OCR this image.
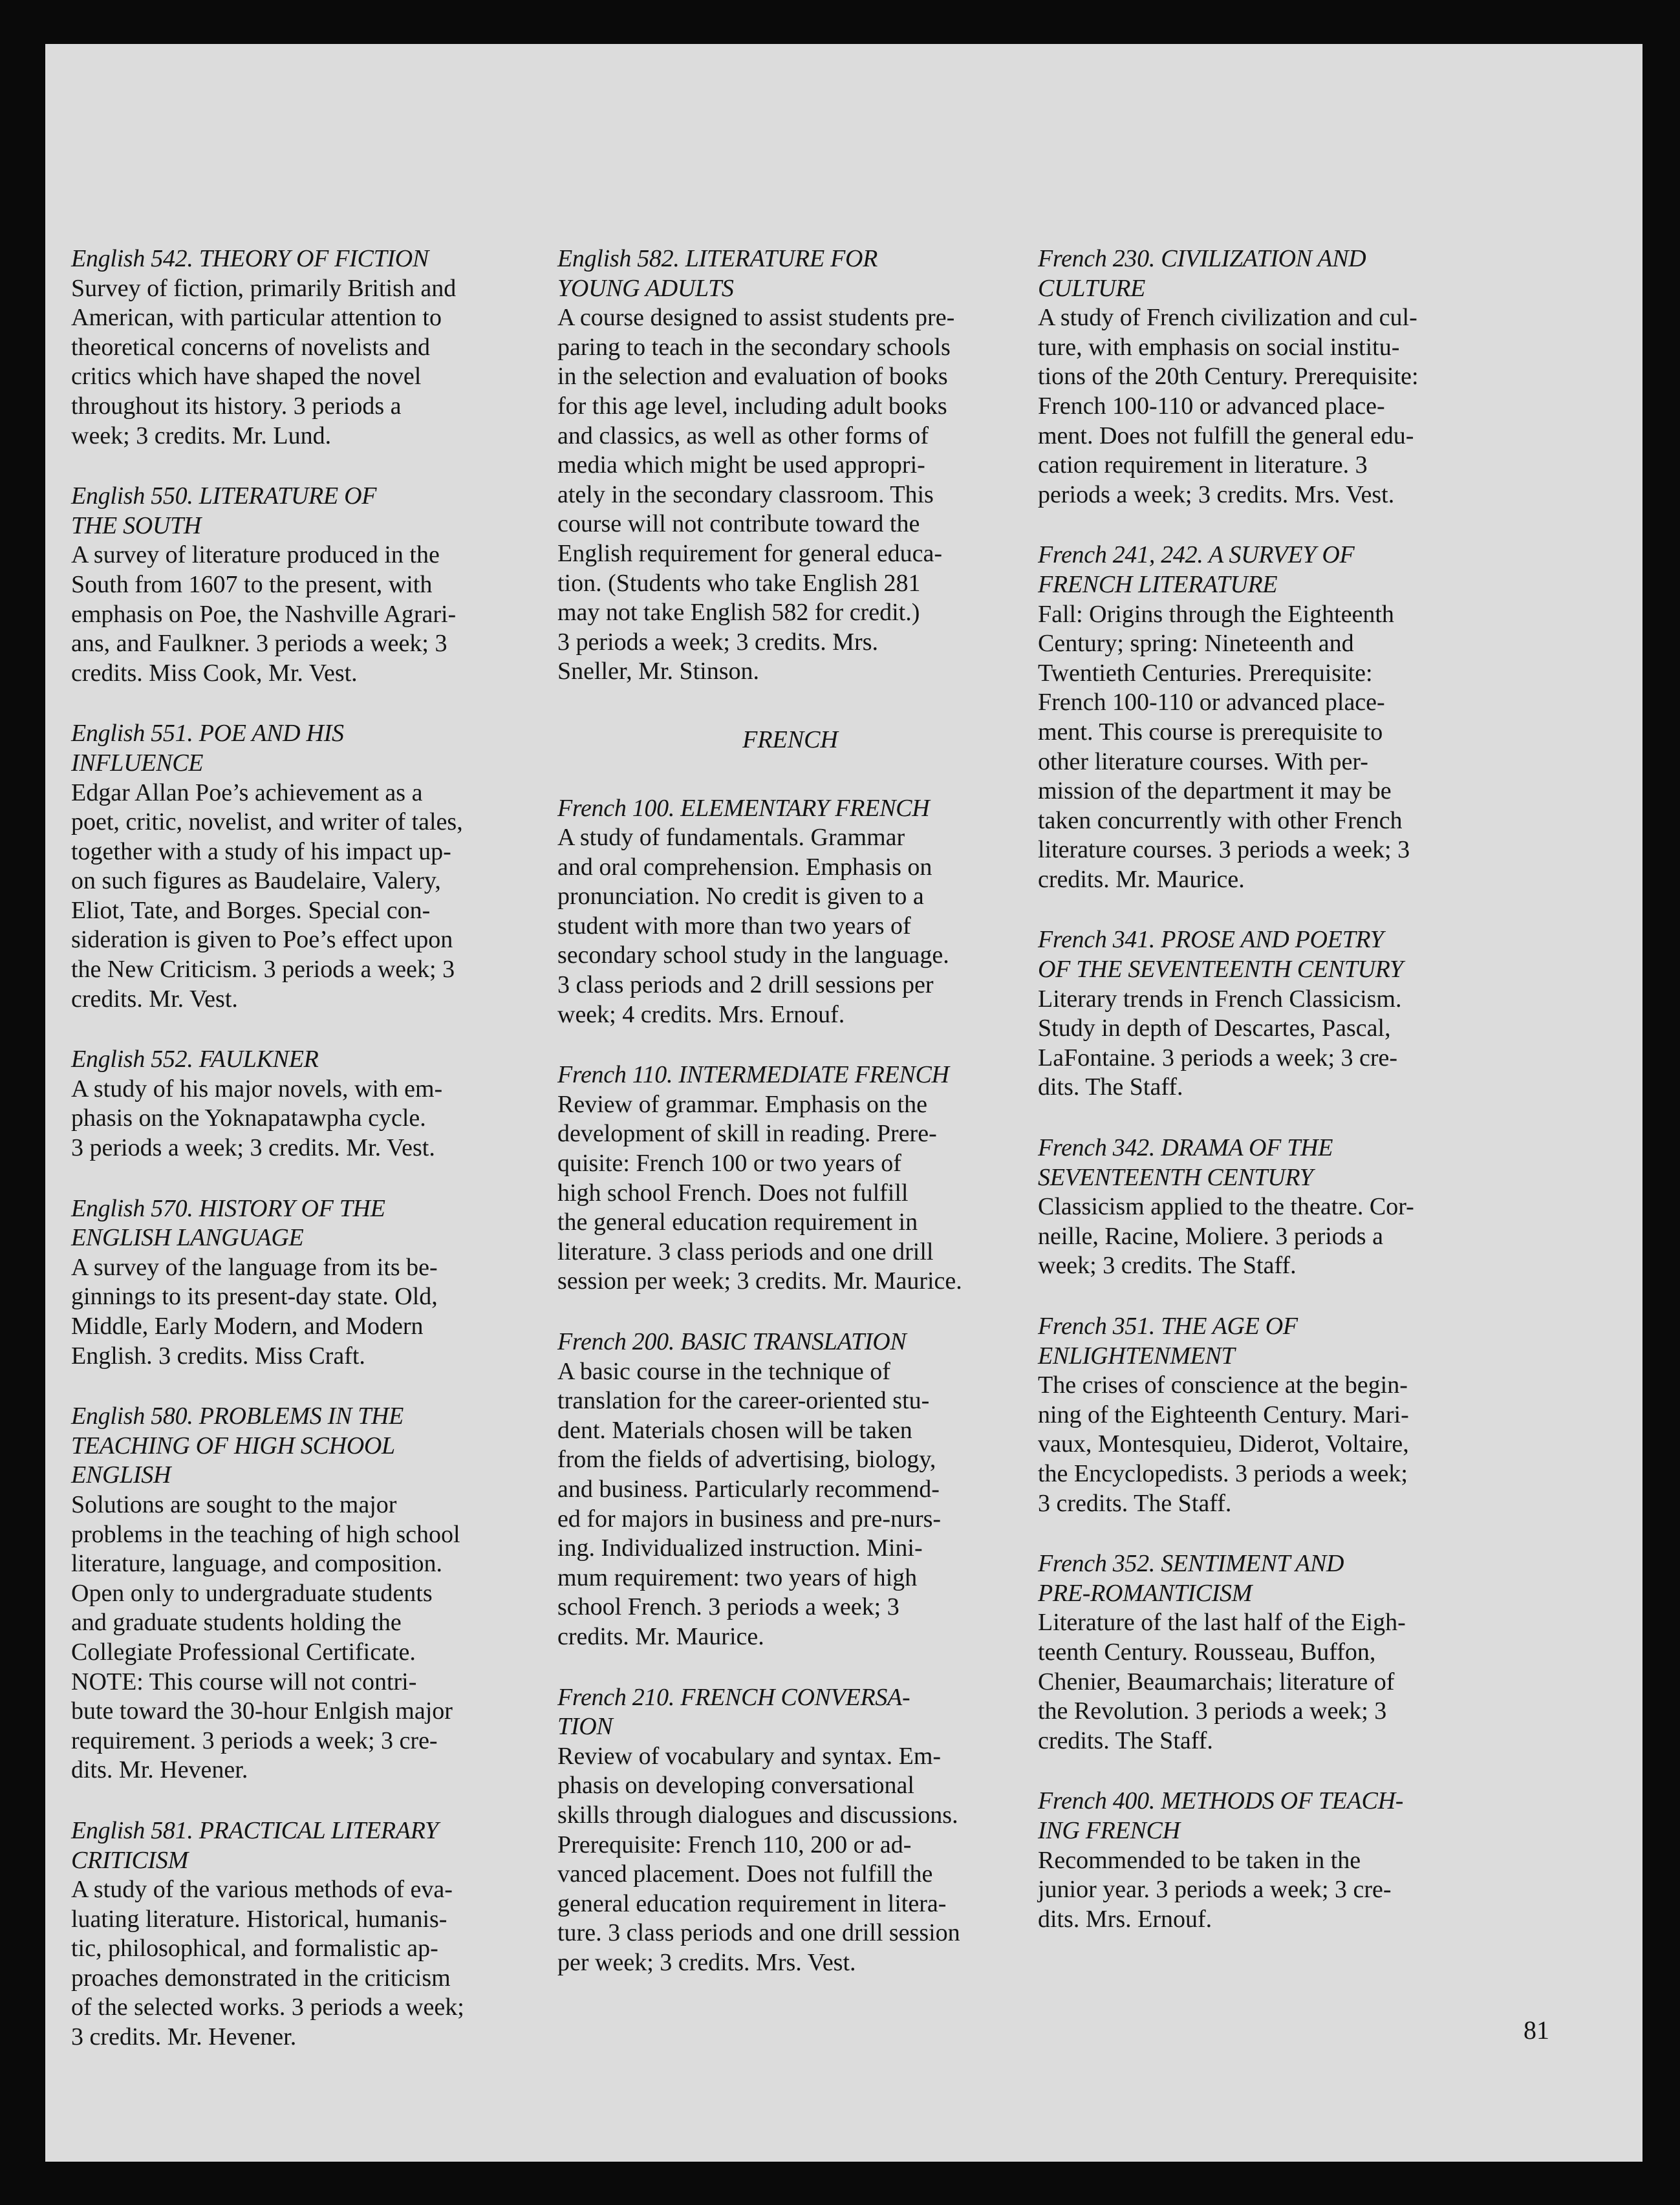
English 542. THEORY OF FICTION
Survey of fiction, primarily British and
American, with particular attention to
theoretical concerns of novelists and
critics which have shaped the novel
throughout its history. 3 periods a
week; 3 credits. Mr. Lund.
English 550. LITERATURE OF
THE SOUTH
A survey of literature produced in the
South from 1607 to the present, with
emphasis on Poe, the Nashville Agrari-
ans, and Faulkner. 3 periods a week; 3
credits. Miss Cook, Mr. Vest.
English 551. POE AND HIS
INFLUENCE
Edgar Allan Poe’s achievement as a
poet, critic, novelist, and writer of tales,
together with a study of his impact up-
on such figures as Baudelaire, Valery,
Eliot, Tate, and Borges. Special con-
sideration is given to Poe’s effect upon
the New Criticism. 3 periods a week; 3
credits. Mr. Vest.
English 552. FAULKNER
A study of his major novels, with em-
phasis on the Yoknapatawpha cycle.
3 periods a week; 3 credits. Mr. Vest.
English 570. HISTORY OF THE
ENGLISH LANGUAGE
A survey of the language from its be-
ginnings to its present-day state. Old,
Middle, Early Modern, and Modern
English. 3 credits. Miss Craft.
English 580. PROBLEMS IN THE
TEACHING OF HIGH SCHOOL
ENGLISH
Solutions are sought to the major
problems in the teaching of high school
literature, language, and composition.
Open only to undergraduate students
and graduate students holding the
Collegiate Professional Certificate.
NOTE: This course will not contri-
bute toward the 30-hour Enlgish major
requirement. 3 periods a week; 3 cre-
dits. Mr. Hevener.
English 581. PRACTICAL LITERARY
CRITICISM
A study of the various methods of eva-
luating literature. Historical, humanis-
tic, philosophical, and formalistic ap-
proaches demonstrated in the criticism
of the selected works. 3 periods a week;
3 credits. Mr. Hevener.
English 582. LITERATURE FOR
YOUNG ADULTS
A course designed to assist students pre-
paring to teach in the secondary schools
in the selection and evaluation of books
for this age level, including adult books
and classics, as well as other forms of
media which might be used appropri-
ately in the secondary classroom. This
course will not contribute toward the
English requirement for general educa-
tion. (Students who take English 281
may not take English 582 for credit.)
3 periods a week; 3 credits. Mrs.
Sneller, Mr. Stinson.
FRENCH
French 100. ELEMENTARY FRENCH
A study of fundamentals. Grammar
and oral comprehension. Emphasis on
pronunciation. No credit is given to a
student with more than two years of
secondary school study in the language.
3 class periods and 2 drill sessions per
week; 4 credits. Mrs. Ernouf.
French 110. INTERMEDIATE FRENCH
Review of grammar. Emphasis on the
development of skill in reading. Prere-
quisite: French 100 or two years of
high school French. Does not fulfill
the general education requirement in
literature. 3 class periods and one drill
session per week; 3 credits. Mr. Maurice.
French 200. BASIC TRANSLATION
A basic course in the technique of
translation for the career-oriented stu-
dent. Materials chosen will be taken
from the fields of advertising, biology,
and business. Particularly recommend-
ed for majors in business and pre-nurs-
ing. Individualized instruction. Mini-
mum requirement: two years of high
school French. 3 periods a week; 3
credits. Mr. Maurice.
French 210. FRENCH CONVERSA-
TION
Review of vocabulary and syntax. Em-
phasis on developing conversational
skills through dialogues and discussions.
Prerequisite: French 110, 200 or ad-
vanced placement. Does not fulfill the
general education requirement in litera-
ture. 3 class periods and one drill session
per week; 3 credits. Mrs. Vest.
French 230. CIVILIZATION AND
CULTURE
A study of French civilization and cul-
ture, with emphasis on social institu-
tions of the 20th Century. Prerequisite:
French 100-110 or advanced place-
ment. Does not fulfill the general edu-
cation requirement in literature. 3
periods a week; 3 credits. Mrs. Vest.
French 241, 242. A SURVEY OF
FRENCH LITERATURE
Fall: Origins through the Eighteenth
Century; spring: Nineteenth and
Twentieth Centuries. Prerequisite:
French 100-110 or advanced place-
ment. This course is prerequisite to
other literature courses. With per-
mission of the department it may be
taken concurrently with other French
literature courses. 3 periods a week; 3
credits. Mr. Maurice.
French 341. PROSE AND POETRY
OF THE SEVENTEENTH CENTURY
Literary trends in French Classicism.
Study in depth of Descartes, Pascal,
LaFontaine. 3 periods a week; 3 cre-
dits. The Staff.
French 342. DRAMA OF THE
SEVENTEENTH CENTURY
Classicism applied to the theatre. Cor-
neille, Racine, Moliere. 3 periods a
week; 3 credits. The Staff.
French 351. THE AGE OF
ENLIGHTENMENT
The crises of conscience at the begin-
ning of the Eighteenth Century. Mari-
vaux, Montesquieu, Diderot, Voltaire,
the Encyclopedists. 3 periods a week;
3 credits. The Staff.
French 352. SENTIMENT AND
PRE-ROMANTICISM
Literature of the last half of the Eigh-
teenth Century. Rousseau, Buffon,
Chenier, Beaumarchais; literature of
the Revolution. 3 periods a week; 3
credits. The Staff.
French 400. METHODS OF TEACH-
ING FRENCH
Recommended to be taken in the
junior year. 3 periods a week; 3 cre-
dits. Mrs. Ernouf.
81
